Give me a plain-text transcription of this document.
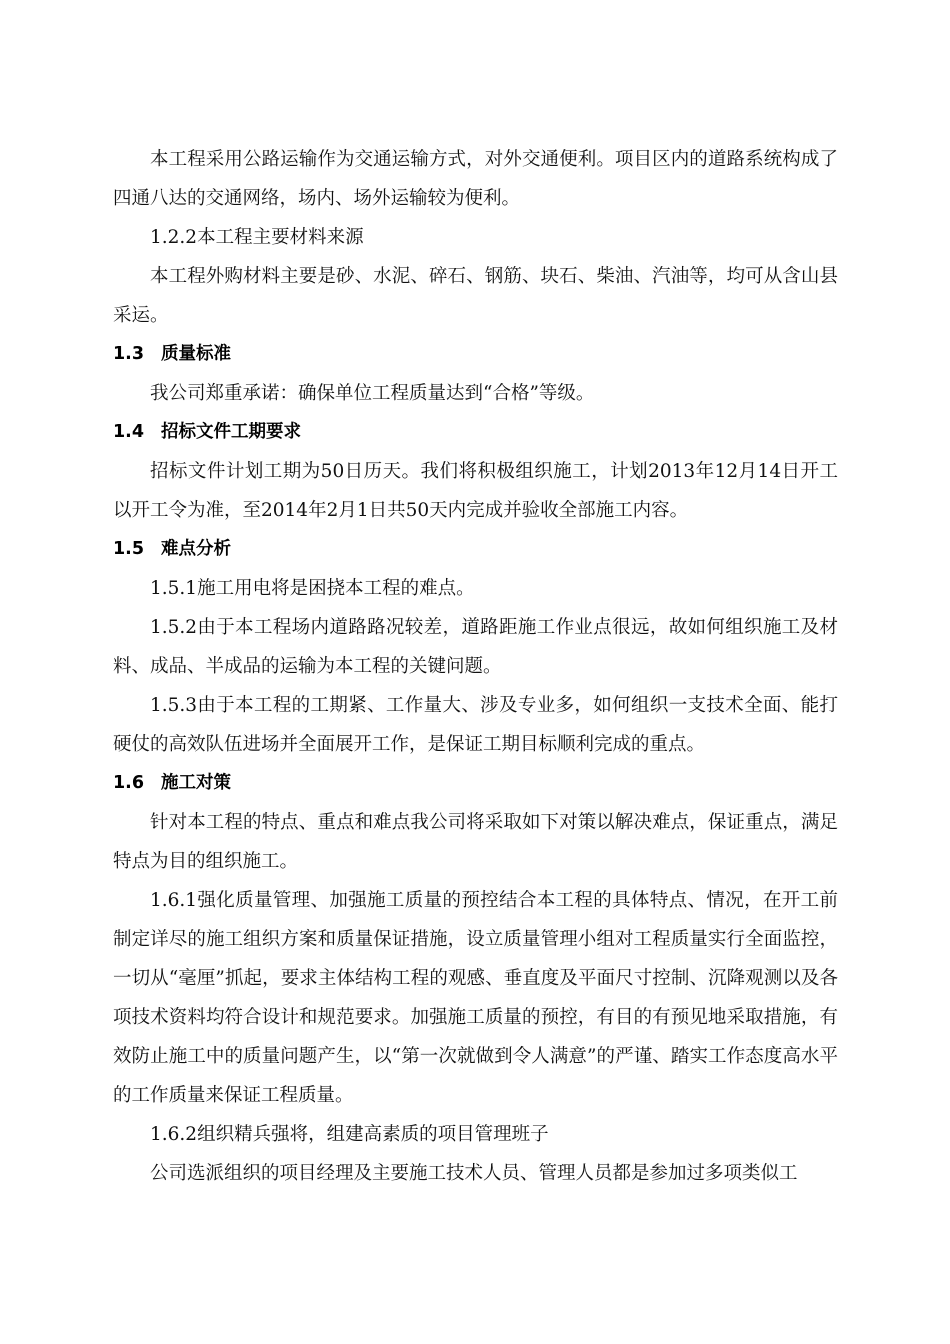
本工程采用公路运输作为交通运输方式，对外交通便利。项目区内的道路系统构成了四通八达的交通网络，场内、场外运输较为便利。

1.2.2本工程主要材料来源

本工程外购材料主要是砂、水泥、碎石、钢筋、块石、柴油、汽油等，均可从含山县采运。

1.3 质量标准

我公司郑重承诺：确保单位工程质量达到“合格”等级。

1.4 招标文件工期要求

招标文件计划工期为50日历天。我们将积极组织施工，计划2013年12月14日开工以开工令为准，至2014年2月1日共50天内完成并验收全部施工内容。

1.5 难点分析

1.5.1施工用电将是困挠本工程的难点。

1.5.2由于本工程场内道路路况较差，道路距施工作业点很远，故如何组织施工及材料、成品、半成品的运输为本工程的关键问题。

1.5.3由于本工程的工期紧、工作量大、涉及专业多，如何组织一支技术全面、能打硬仗的高效队伍进场并全面展开工作，是保证工期目标顺利完成的重点。

1.6 施工对策

针对本工程的特点、重点和难点我公司将采取如下对策以解决难点，保证重点，满足特点为目的组织施工。

1.6.1强化质量管理、加强施工质量的预控结合本工程的具体特点、情况，在开工前制定详尽的施工组织方案和质量保证措施，设立质量管理小组对工程质量实行全面监控，一切从“毫厘”抓起，要求主体结构工程的观感、垂直度及平面尺寸控制、沉降观测以及各项技术资料均符合设计和规范要求。加强施工质量的预控，有目的有预见地采取措施，有效防止施工中的质量问题产生，以“第一次就做到令人满意”的严谨、踏实工作态度高水平的工作质量来保证工程质量。

1.6.2组织精兵强将，组建高素质的项目管理班子

公司选派组织的项目经理及主要施工技术人员、管理人员都是参加过多项类似工
